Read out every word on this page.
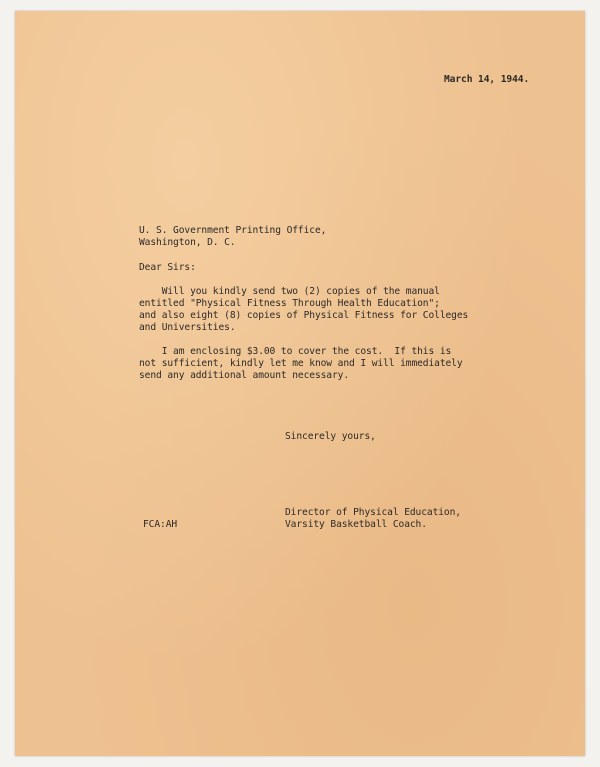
March 14, 1944.
U. S. Government Printing Office,
Washington, D. C.
Dear Sirs:
Will you kindly send two (2) copies of the manual
entitled "Physical Fitness Through Health Education";
and also eight (8) copies of Physical Fitness for Colleges
and Universities.
I am enclosing $3.00 to cover the cost.  If this is
not sufficient, kindly let me know and I will immediately
send any additional amount necessary.
Sincerely yours,
Director of Physical Education,
FCA:AH	Varsity Basketball Coach.
